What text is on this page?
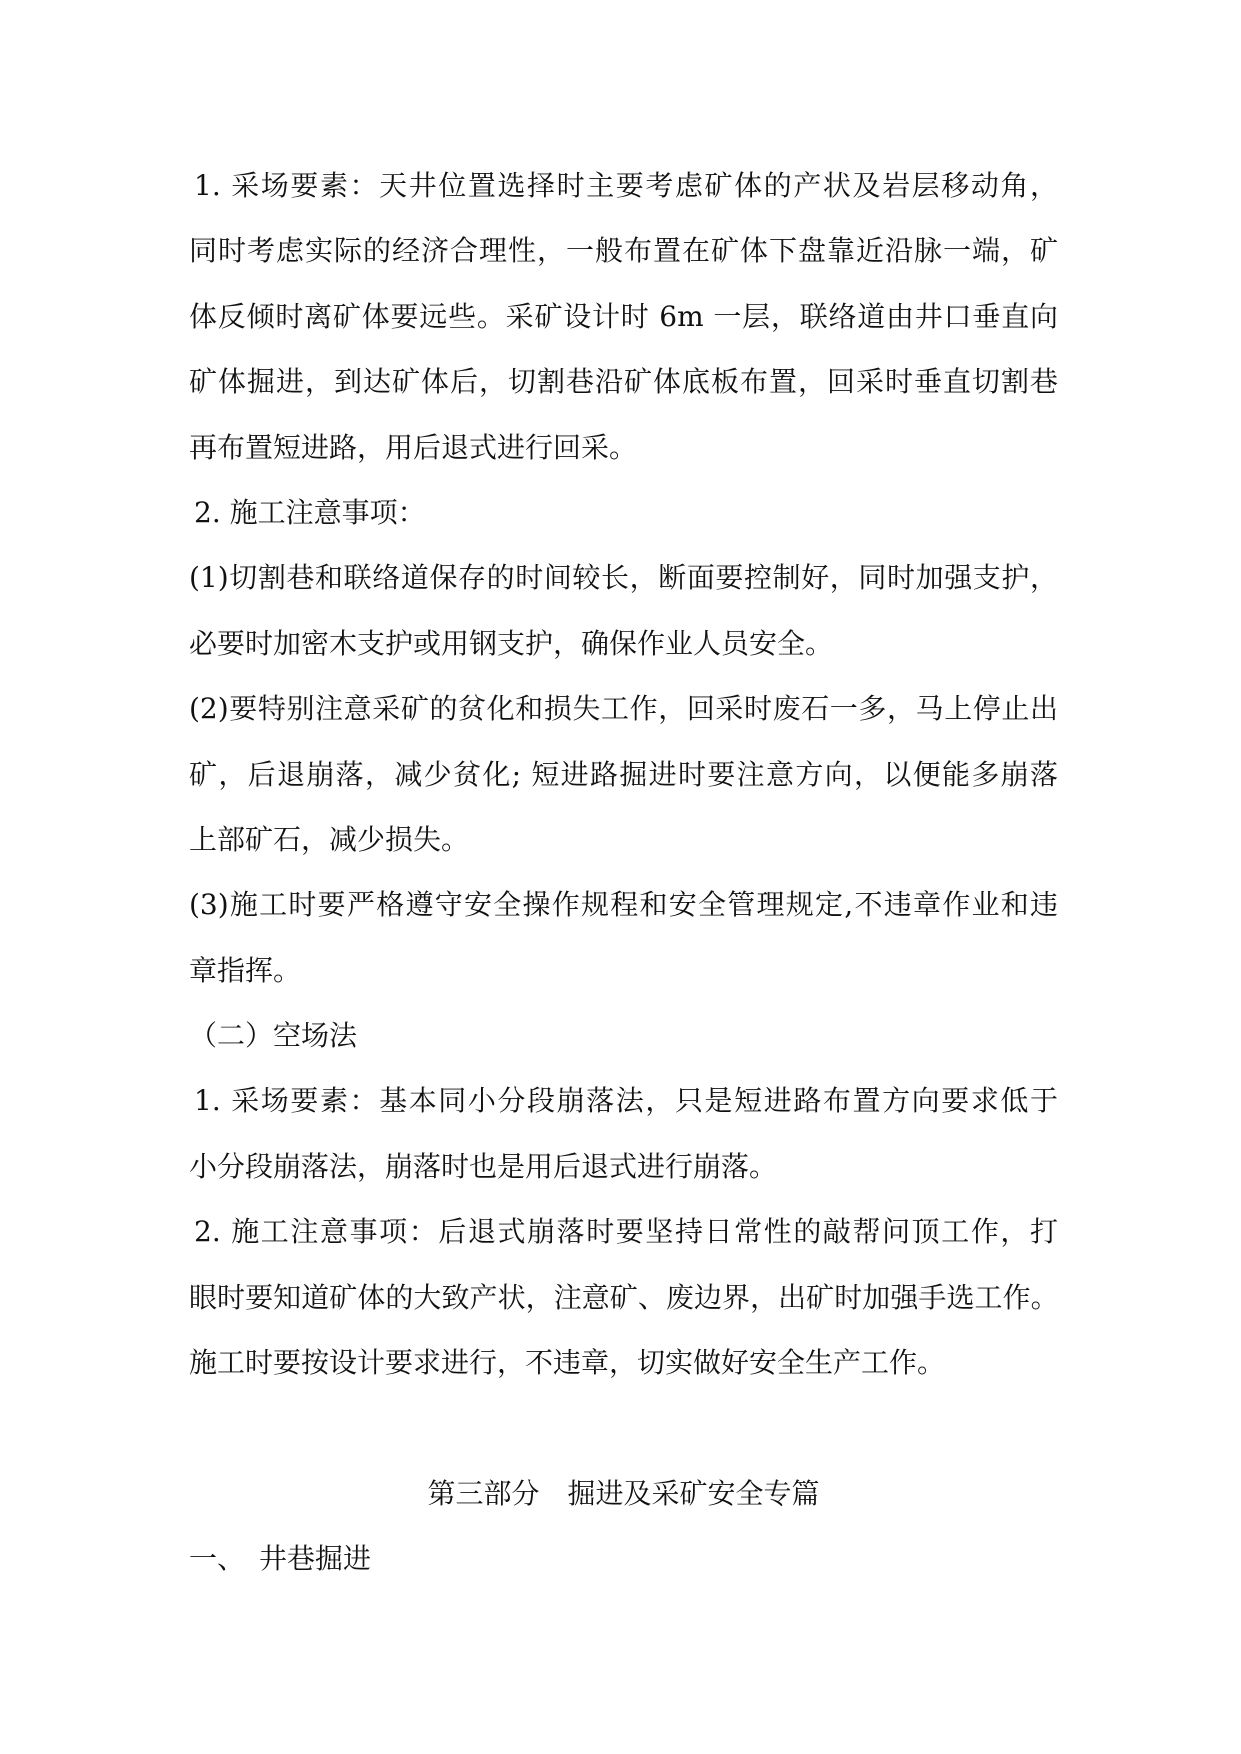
1. 采场要素：天井位置选择时主要考虑矿体的产状及岩层移动角，
同时考虑实际的经济合理性，一般布置在矿体下盘靠近沿脉一端，矿
体反倾时离矿体要远些。采矿设计时 6m 一层，联络道由井口垂直向
矿体掘进，到达矿体后，切割巷沿矿体底板布置，回采时垂直切割巷
再布置短进路，用后退式进行回采。
2. 施工注意事项：
(1)切割巷和联络道保存的时间较长，断面要控制好，同时加强支护，
必要时加密木支护或用钢支护，确保作业人员安全。
(2)要特别注意采矿的贫化和损失工作，回采时废石一多，马上停止出
矿，后退崩落，减少贫化; 短进路掘进时要注意方向，以便能多崩落
上部矿石，减少损失。
(3)施工时要严格遵守安全操作规程和安全管理规定,不违章作业和违
章指挥。
（二）空场法
1. 采场要素：基本同小分段崩落法，只是短进路布置方向要求低于
小分段崩落法，崩落时也是用后退式进行崩落。
2. 施工注意事项：后退式崩落时要坚持日常性的敲帮问顶工作，打
眼时要知道矿体的大致产状，注意矿、废边界，出矿时加强手选工作。
施工时要按设计要求进行，不违章，切实做好安全生产工作。
第三部分　掘进及采矿安全专篇
一、　井巷掘进
